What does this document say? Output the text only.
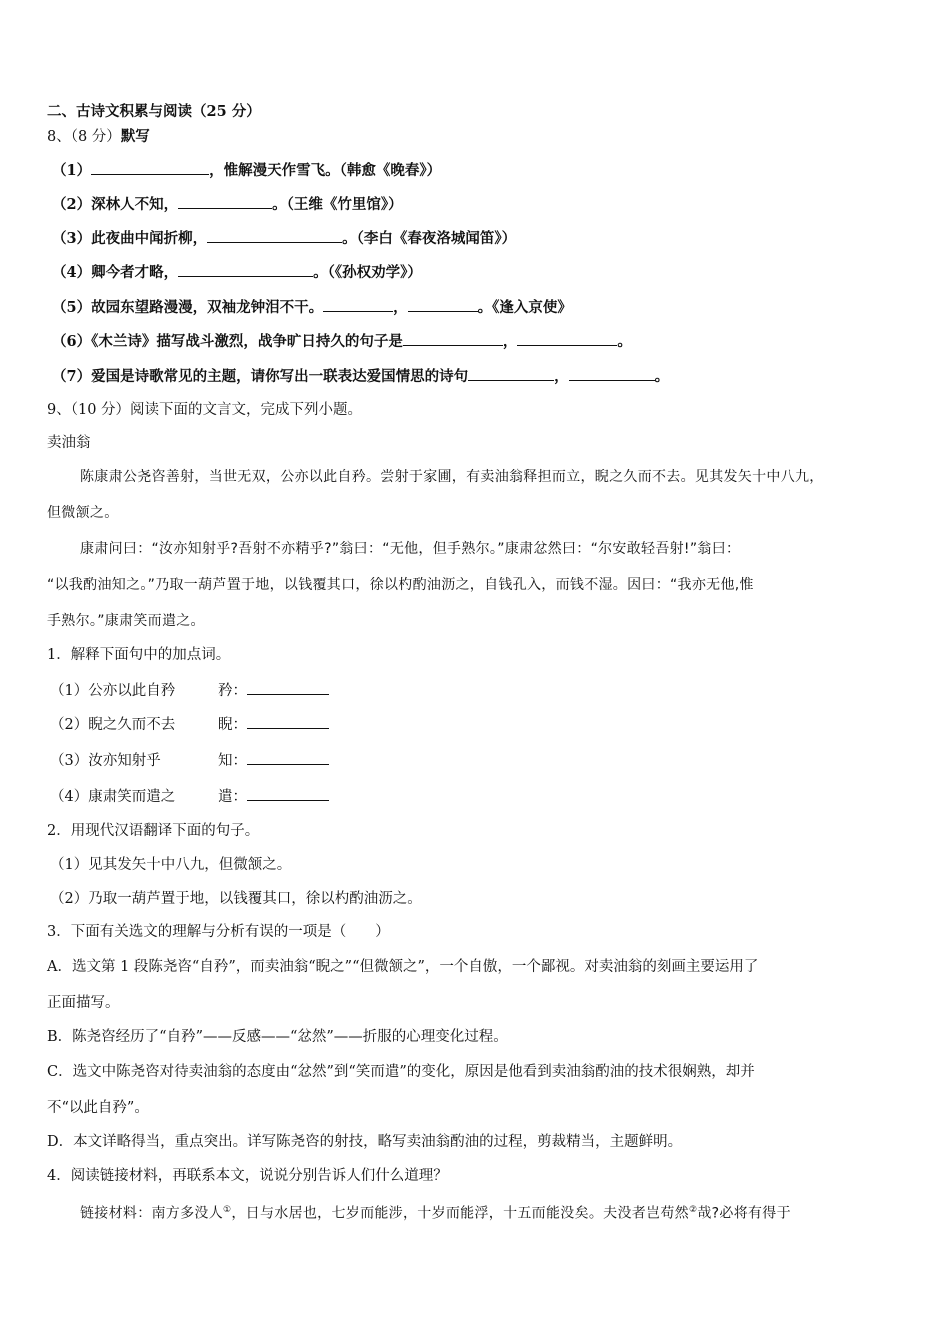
二、古诗文积累与阅读（25 分）
8、（8 分）默写
（1）	，惟解漫天作雪飞。（韩愈《晚春》）
（2）深林人不知，	。（王维《竹里馆》）
（3）此夜曲中闻折柳，	。（李白《春夜洛城闻笛》）
（4）卿今者才略，	。（《孙权劝学》）
（5）故园东望路漫漫，双袖龙钟泪不干。	，	。《逢入京使》
（6）《木兰诗》描写战斗激烈，战争旷日持久的句子是	，	。
（7）爱国是诗歌常见的主题，请你写出一联表达爱国情思的诗句	，	。
9、（10 分）阅读下面的文言文，完成下列小题。
卖油翁
陈康肃公尧咨善射，当世无双，公亦以此自矜。尝射于家圃，有卖油翁释担而立，睨之久而不去。见其发矢十中八九，
但微颔之。
康肃问曰：“汝亦知射乎?吾射不亦精乎?”翁曰：“无他，但手熟尔。”康肃忿然曰：“尔安敢轻吾射!”翁曰：
“以我酌油知之。”乃取一葫芦置于地，以钱覆其口，徐以杓酌油沥之，自钱孔入，而钱不湿。因曰：“我亦无他,惟
手熟尔。”康肃笑而遣之。
1．解释下面句中的加点词。
（1）公亦以此自矜	矜：
（2）睨之久而不去	睨：
（3）汝亦知射乎	知：
（4）康肃笑而遣之	遣：
2．用现代汉语翻译下面的句子。
（1）见其发矢十中八九，但微颔之。
（2）乃取一葫芦置于地，以钱覆其口，徐以杓酌油沥之。
3．下面有关选文的理解与分析有误的一项是（　　）
A．选文第 1 段陈尧咨“自矜”，而卖油翁“睨之”“但微颔之”，一个自傲，一个鄙视。对卖油翁的刻画主要运用了
正面描写。
B．陈尧咨经历了“自矜”——反感——“忿然”——折服的心理变化过程。
C．选文中陈尧咨对待卖油翁的态度由“忿然”到“笑而遣”的变化，原因是他看到卖油翁酌油的技术很娴熟，却并
不“以此自矜”。
D．本文详略得当，重点突出。详写陈尧咨的射技，略写卖油翁酌油的过程，剪裁精当，主题鲜明。
4．阅读链接材料，再联系本文，说说分别告诉人们什么道理？
链接材料：南方多没人①，日与水居也，七岁而能涉，十岁而能浮，十五而能没矣。夫没者岂苟然②哉?必将有得于
